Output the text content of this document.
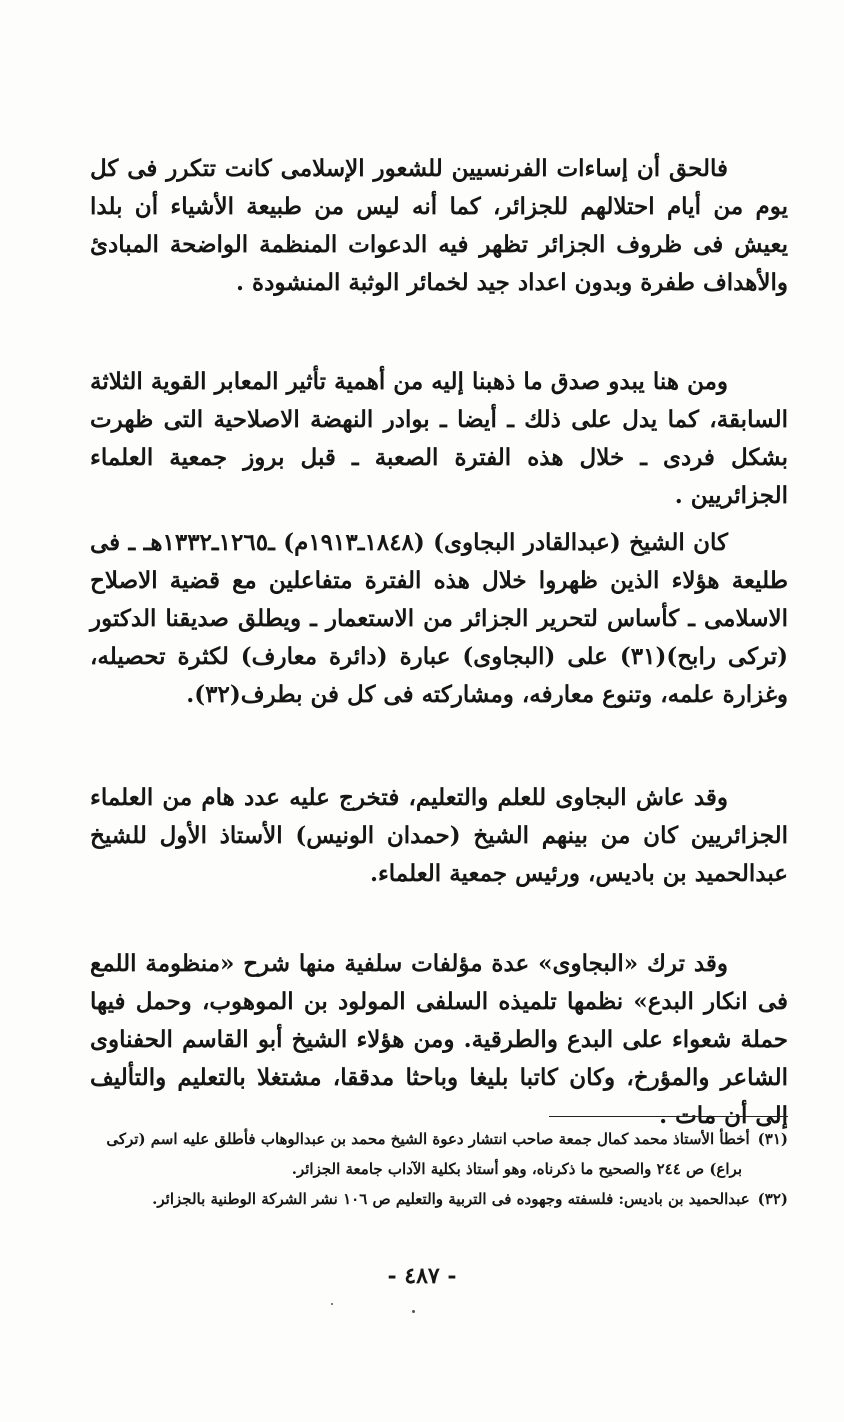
فالحق أن إساءات الفرنسيين للشعور الإسلامى كانت تتكرر فى كل يوم من أيام احتلالهم للجزائر، كما أنه ليس من طبيعة الأشياء أن بلدا يعيش فى ظروف الجزائر تظهر فيه الدعوات المنظمة الواضحة المبادئ والأهداف طفرة وبدون اعداد جيد لخمائر الوثبة المنشودة .

ومن هنا يبدو صدق ما ذهبنا إليه من أهمية تأثير المعابر القوية الثلاثة السابقة، كما يدل على ذلك ـ أيضا ـ بوادر النهضة الاصلاحية التى ظهرت بشكل فردى ـ خلال هذه الفترة الصعبة ـ قبل بروز جمعية العلماء الجزائريين .

كان الشيخ (عبدالقادر البجاوى) (١٨٤٨ـ١٩١٣م) ـ١٢٦٥ـ١٣٣٢هـ ـ فى طليعة هؤلاء الذين ظهروا خلال هذه الفترة متفاعلين مع قضية الاصلاح الاسلامى ـ كأساس لتحرير الجزائر من الاستعمار ـ ويطلق صديقنا الدكتور (تركى رابح)(٣١) على (البجاوى) عبارة (دائرة معارف) لكثرة تحصيله، وغزارة علمه، وتنوع معارفه، ومشاركته فى كل فن بطرف(٣٢).

وقد عاش البجاوى للعلم والتعليم، فتخرج عليه عدد هام من العلماء الجزائريين كان من بينهم الشيخ (حمدان الونيس) الأستاذ الأول للشيخ عبدالحميد بن باديس، ورئيس جمعية العلماء.

وقد ترك «البجاوى» عدة مؤلفات سلفية منها شرح «منظومة اللمع فى انكار البدع» نظمها تلميذه السلفى المولود بن الموهوب، وحمل فيها حملة شعواء على البدع والطرقية. ومن هؤلاء الشيخ أبو القاسم الحفناوى الشاعر والمؤرخ، وكان كاتبا بليغا وباحثا مدققا، مشتغلا بالتعليم والتأليف إلى أن مات .

(٣١)أخطأ الأستاذ محمد كمال جمعة صاحب انتشار دعوة الشيخ محمد بن عبدالوهاب فأطلق عليه اسم (تركى

براع) ص ٢٤٤ والصحيح ما ذكرناه، وهو أستاذ بكلية الآداب جامعة الجزائر.

(٣٢)عبدالحميد بن باديس: فلسفته وجهوده فى التربية والتعليم ص ١٠٦ نشر الشركة الوطنية بالجزائر.

- ٤٨٧ -
